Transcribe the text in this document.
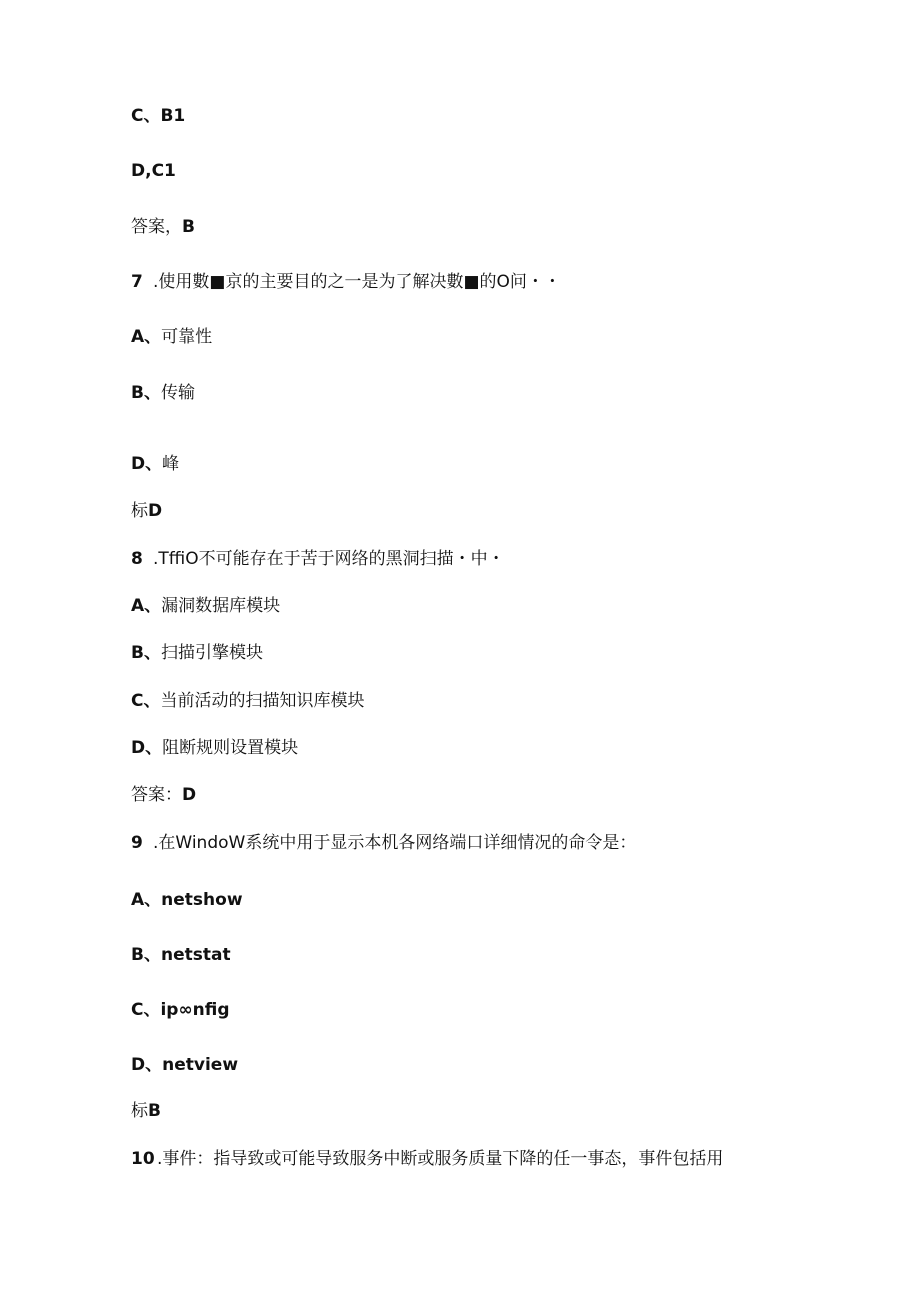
C、B1
D,C1
答案，B
7 .使用數■京的主要目的之一是为了解决數■的O问・・
A、可靠性
B、传输
D、峰
标D
8 .TffiO不可能存在于苦于网络的黑洞扫描・中・
A、漏洞数据库模块
B、扫描引擎模块
C、当前活动的扫描知识库模块
D、阻断规则设置模块
答案：D
9 .在WindoW系统中用于显示本机各网络端口详细情况的命令是：
A、netshow
B、netstat
C、ip∞nfig
D、netview
标B
10 .事件：指导致或可能导致服务中断或服务质量下降的任一事态，事件包括用
